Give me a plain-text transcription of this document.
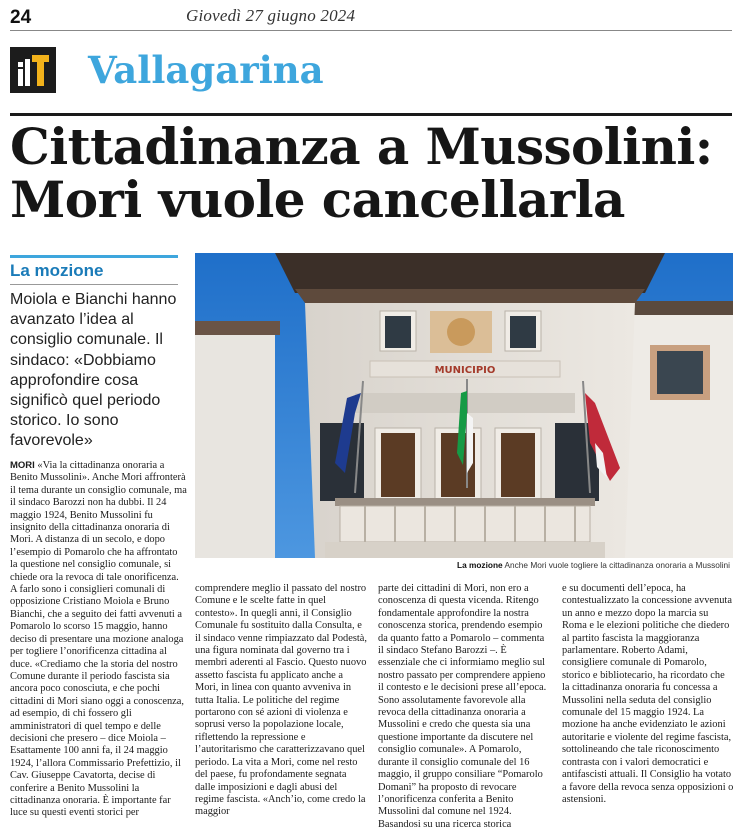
24	Giovedì 27 giugno 2024
Vallagarina
Cittadinanza a Mussolini:
Mori vuole cancellarla
La mozione
Moiola e Bianchi hanno avanzato l’idea al consiglio comunale. Il sindaco: «Dobbiamo approfondire cosa significò quel periodo storico. Io sono favorevole»
MUNICIPIO
La mozione Anche Mori vuole togliere la cittadinanza onoraria a Mussolini

MORI «Via la cittadinanza onoraria a Benito Mussolini». Anche Mori affronterà il tema durante un consiglio comunale, ma il sindaco Barozzi non ha dubbi. Il 24 maggio 1924, Benito Mussolini fu insignito della cittadinanza onoraria di Mori. A distanza di un secolo, e dopo l’esempio di Pomarolo che ha affrontato la questione nel consiglio comunale, si chiede ora la revoca di tale onorificenza. A farlo sono i consiglieri comunali di opposizione Cristiano Moiola e Bruno Bianchi, che a seguito dei fatti avvenuti a Pomarolo lo scorso 15 maggio, hanno deciso di presentare una mozione analoga per togliere l’onorificenza cittadina al duce. «Crediamo che la storia del nostro Comune durante il periodo fascista sia ancora poco conosciuta, e che pochi cittadini di Mori siano oggi a conoscenza, ad esempio, di chi fossero gli amministratori di quel tempo e delle decisioni che presero – dice Moiola – Esattamente 100 anni fa, il 24 maggio 1924, l’allora Commissario Prefettizio, il Cav. Giuseppe Cavatorta, decise di conferire a Benito Mussolini la cittadinanza onoraria. È importante far luce su questi eventi storici per

comprendere meglio il passato del nostro Comune e le scelte fatte in quel contesto». In quegli anni, il Consiglio Comunale fu sostituito dalla Consulta, e il sindaco venne rimpiazzato dal Podestà, una figura nominata dal governo tra i membri aderenti al Fascio. Questo nuovo assetto fascista fu applicato anche a Mori, in linea con quanto avveniva in tutta Italia. Le politiche del regime portarono con sé azioni di violenza e soprusi verso la popolazione locale, riflettendo la repressione e l’autoritarismo che caratterizzavano quel periodo. La vita a Mori, come nel resto del paese, fu profondamente segnata dalle imposizioni e dagli abusi del regime fascista. «Anch’io, come credo la maggior

parte dei cittadini di Mori, non ero a conoscenza di questa vicenda. Ritengo fondamentale approfondire la nostra conoscenza storica, prendendo esempio da quanto fatto a Pomarolo – commenta il sindaco Stefano Barozzi –. È essenziale che ci informiamo meglio sul nostro passato per comprendere appieno il contesto e le decisioni prese all’epoca. Sono assolutamente favorevole alla revoca della cittadinanza onoraria a Mussolini e credo che questa sia una questione importante da discutere nel consiglio comunale». A Pomarolo, durante il consiglio comunale del 16 maggio, il gruppo consiliare “Pomarolo Domani” ha proposto di revocare l’onorificenza conferita a Benito Mussolini dal comune nel 1924. Basandosi su una ricerca storica

e su documenti dell’epoca, ha contestualizzato la concessione avvenuta un anno e mezzo dopo la marcia su Roma e le elezioni politiche che diedero al partito fascista la maggioranza parlamentare. Roberto Adami, consigliere comunale di Pomarolo, storico e bibliotecario, ha ricordato che la cittadinanza onoraria fu concessa a Mussolini nella seduta del consiglio comunale del 15 maggio 1924. La mozione ha anche evidenziato le azioni autoritarie e violente del regime fascista, sottolineando che tale riconoscimento contrasta con i valori democratici e antifascisti attuali. Il Consiglio ha votato a favore della revoca senza opposizioni o astensioni.
